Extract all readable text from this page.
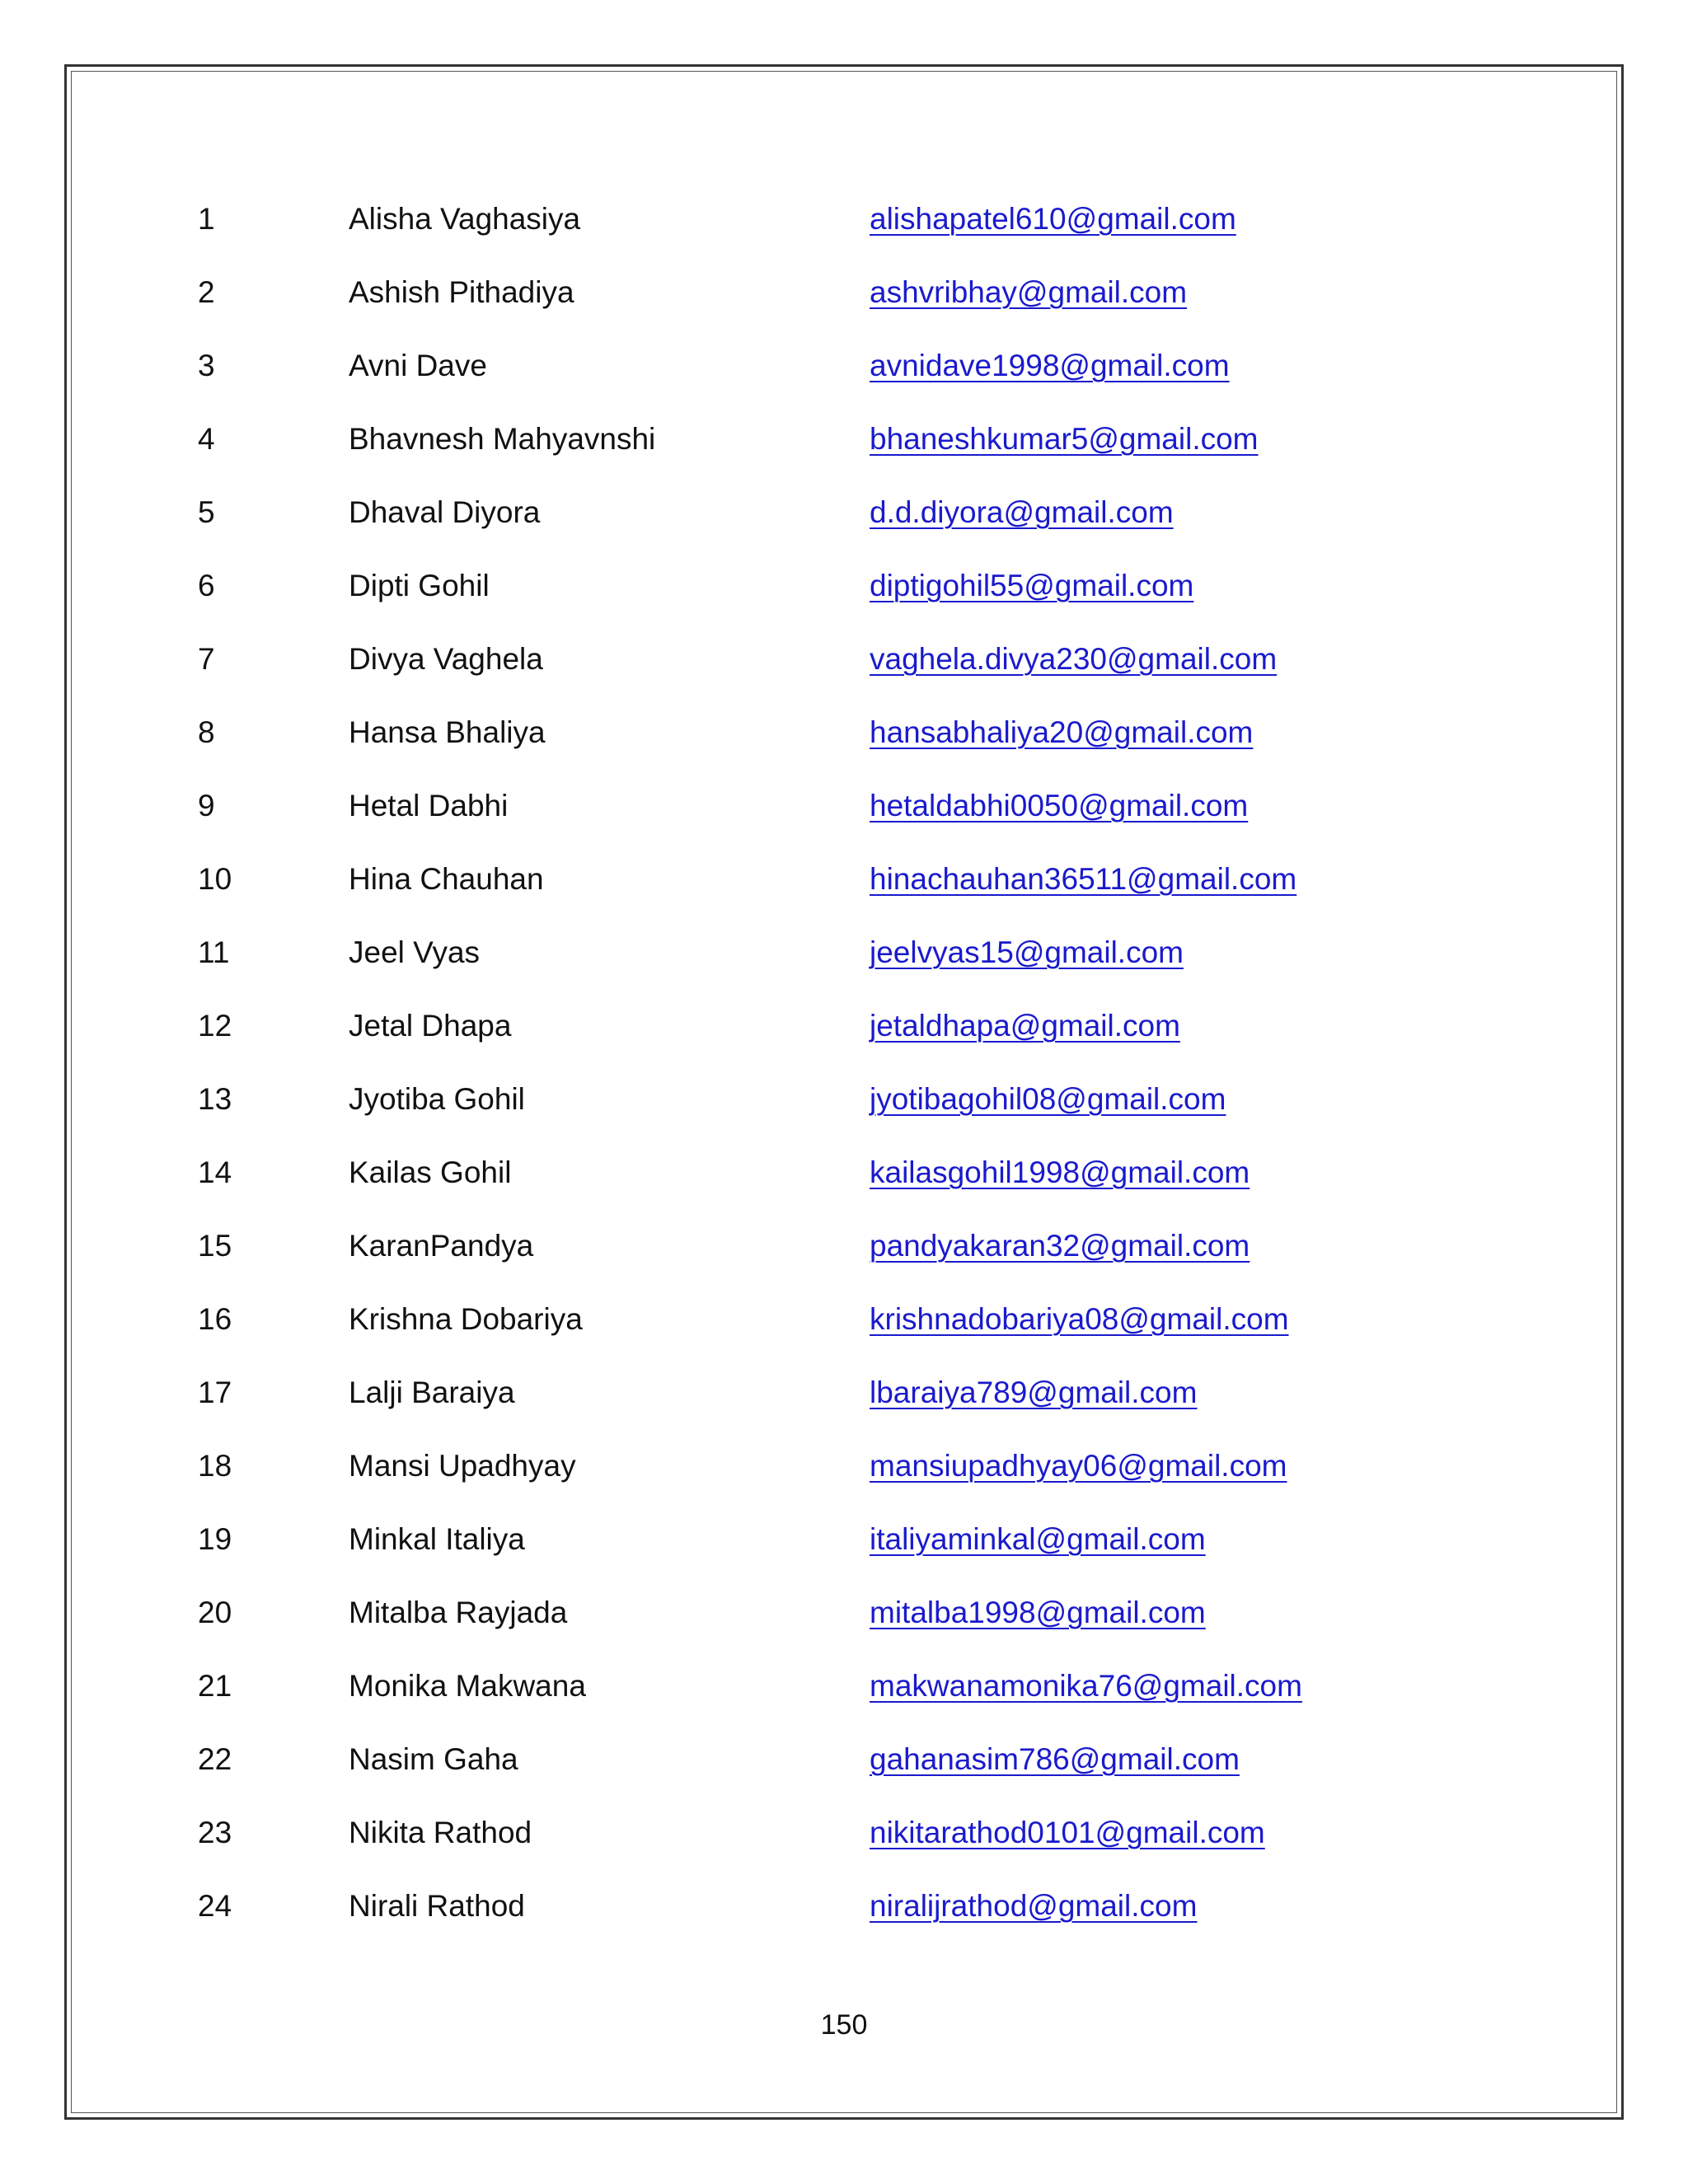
1	Alisha Vaghasiya	alishapatel610@gmail.com
2	Ashish Pithadiya	ashvribhay@gmail.com
3	Avni Dave	avnidave1998@gmail.com
4	Bhavnesh Mahyavnshi	bhaneshkumar5@gmail.com
5	Dhaval Diyora	d.d.diyora@gmail.com
6	Dipti Gohil	diptigohil55@gmail.com
7	Divya Vaghela	vaghela.divya230@gmail.com
8	Hansa Bhaliya	hansabhaliya20@gmail.com
9	Hetal Dabhi	hetaldabhi0050@gmail.com
10	Hina Chauhan	hinachauhan36511@gmail.com
11	Jeel Vyas	jeelvyas15@gmail.com
12	Jetal Dhapa	jetaldhapa@gmail.com
13	Jyotiba Gohil	jyotibagohil08@gmail.com
14	Kailas Gohil	kailasgohil1998@gmail.com
15	KaranPandya	pandyakaran32@gmail.com
16	Krishna Dobariya	krishnadobariya08@gmail.com
17	Lalji Baraiya	lbaraiya789@gmail.com
18	Mansi Upadhyay	mansiupadhyay06@gmail.com
19	Minkal Italiya	italiyaminkal@gmail.com
20	Mitalba Rayjada	mitalba1998@gmail.com
21	Monika Makwana	makwanamonika76@gmail.com
22	Nasim Gaha	gahanasim786@gmail.com
23	Nikita Rathod	nikitarathod0101@gmail.com
24	Nirali Rathod	niralijrathod@gmail.com
150
